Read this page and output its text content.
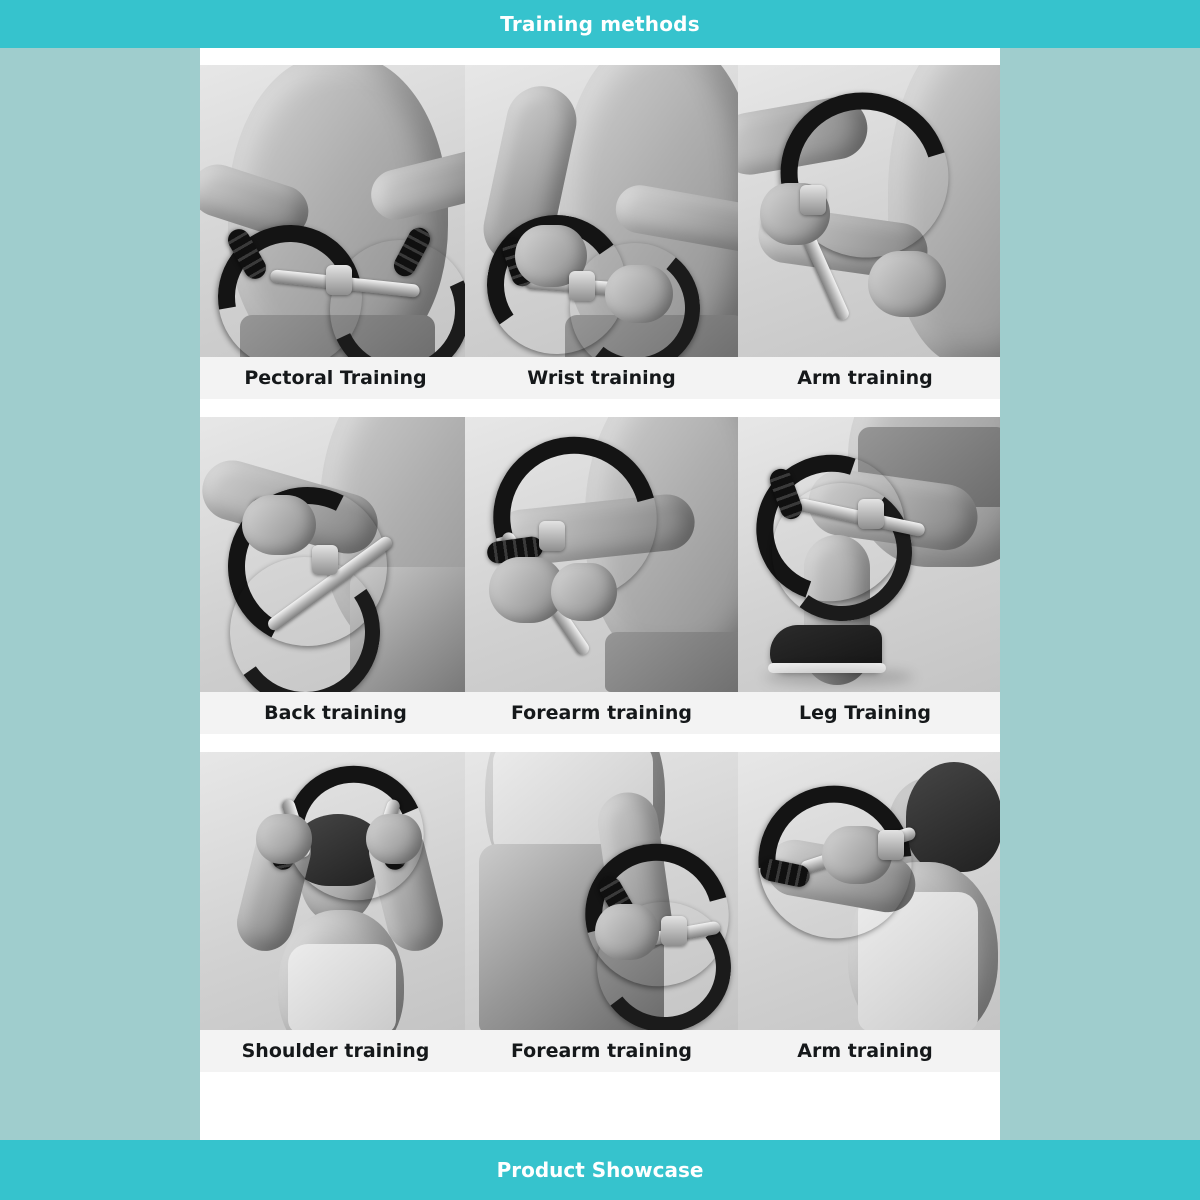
Training methods
Pectoral Training	Wrist training	Arm training
Back training	Forearm training	Leg Training
Shoulder training	Forearm training	Arm training
Product Showcase
